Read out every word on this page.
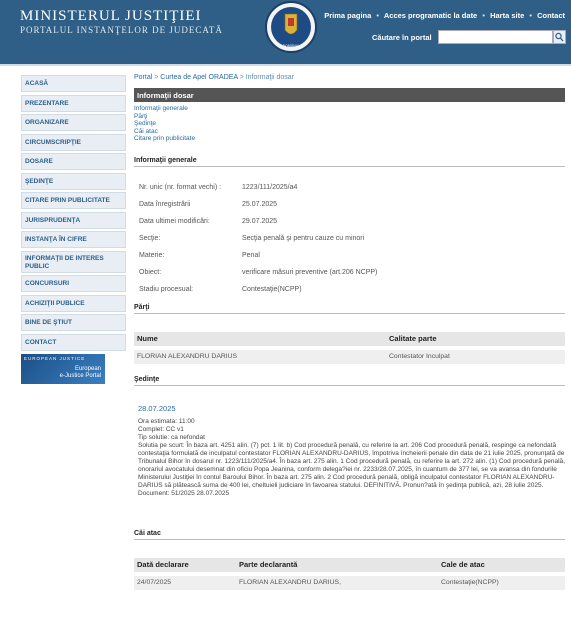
MINISTERUL JUSTIŢIEI
PORTALUL INSTANŢELOR DE JUDECATĂ
ROMÂNIA
Prima pagina • Acces programatic la date • Harta site • Contact
Căutare în portal
ACASĂ
PREZENTARE
ORGANIZARE
CIRCUMSCRIPŢIE
DOSARE
ŞEDINŢE
CITARE PRIN PUBLICITATE
JURISPRUDENŢA
INSTANŢA ÎN CIFRE
INFORMAŢII DE INTERES PUBLIC
CONCURSURI
ACHIZIŢII PUBLICE
BINE DE ŞTIUT
CONTACT
EUROPEAN JUSTICE
European
e-Justice Portal
Portal > Curtea de Apel ORADEA > Informaţii dosar
Informaţii dosar
Informaţii generale
Părţi
Şedinţe
Căi atac
Citare prin publicitate
Informaţii generale
Nr. unic (nr. format vechi) :	1223/111/2025/a4
Data înregistrării	25.07.2025
Data ultimei modificări:	29.07.2025
Secţie:	Secţia penală şi pentru cauze cu minori
Materie:	Penal
Obiect:	verificare măsuri preventive (art.206 NCPP)
Stadiu procesual:	Contestaţie(NCPP)
Părţi
Nume	Calitate parte
FLORIAN ALEXANDRU DARIUS	Contestator Inculpat
Şedinţe
28.07.2025
Ora estimata: 11:00
Complet: CC v1
Tip solutie: ca nefondat
Solutia pe scurt: În baza art. 4251 alin. (7) pct. 1 lit. b) Cod procedură penală, cu referire la art. 206 Cod procedură penală, respinge ca nefondată contestaţia formulată de inculpatul contestator FLORIAN ALEXANDRU-DARIUS, împotriva încheierii penale din data de 21 iulie 2025, pronunţată de Tribunalul Bihor în dosarul nr. 1223/111/2025/a4. În baza art. 275 alin. 1 Cod procedură penală, cu referire la art. 272 alin. (1) Cod procedură penală, onorariul avocatului desemnat din oficiu Popa Jeanina, conform delega?iei nr. 2233/28.07.2025, în cuantum de 377 lei, se va avansa din fondurile Ministerului Justiţiei în contul Baroului Bihor. În baza art. 275 alin. 2 Cod procedură penală, obligă inculpatul contestator FLORIAN ALEXANDRU-DARIUS să plătească suma de 400 lei, cheltuieli judiciare în favoarea statului. DEFINITIVĂ. Pronun?ată în şedinţa publică, azi, 28 iulie 2025.
Document: 51/2025 28.07.2025
Căi atac
Dată declarare	Parte declarantă	Cale de atac
24/07/2025	FLORIAN ALEXANDRU DARIUS,	Contestaţie(NCPP)
